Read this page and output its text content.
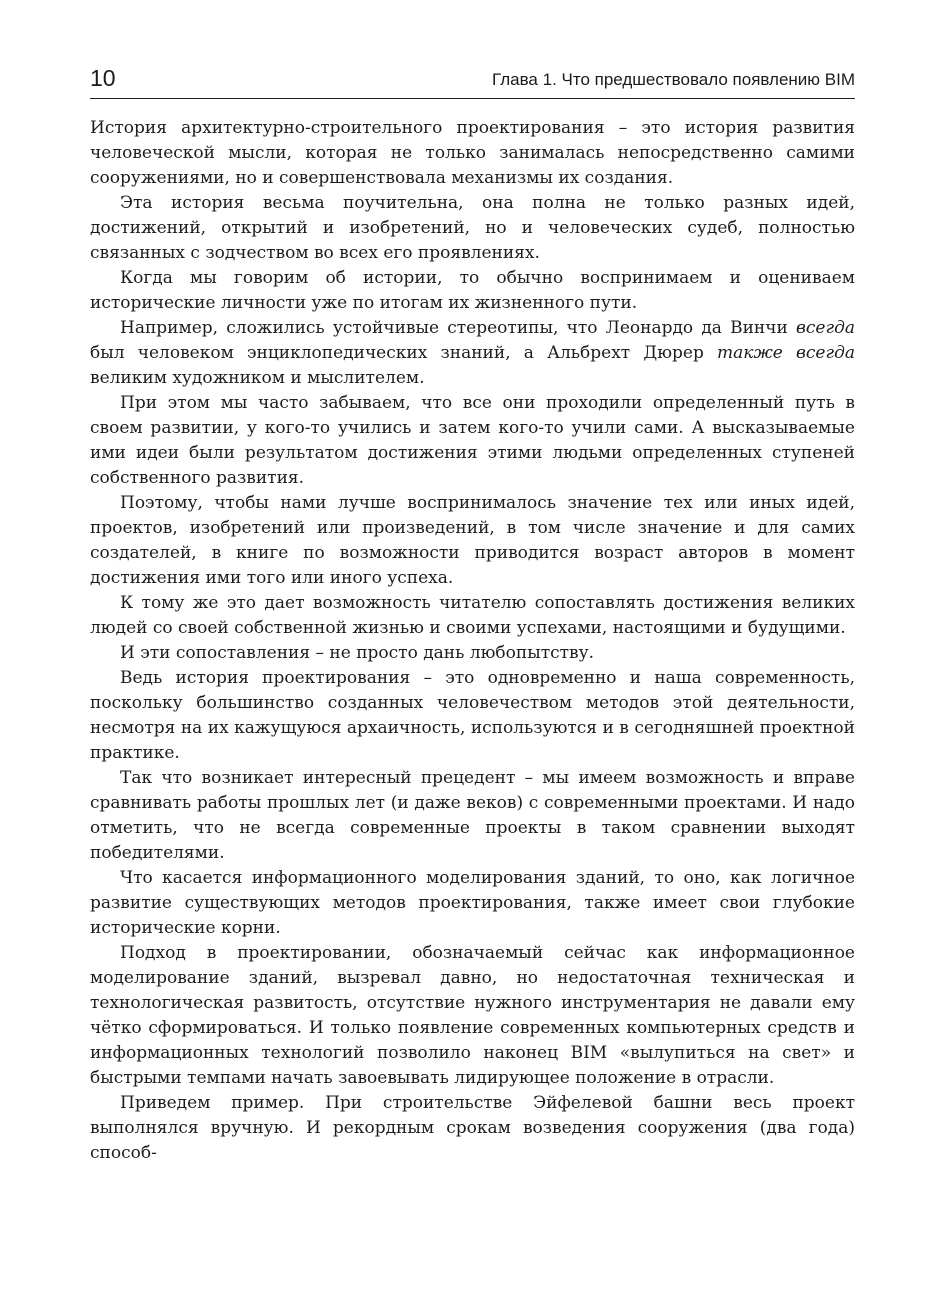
10	Глава 1. Что предшествовало появлению BIM

История архитектурно-строительного проектирования – это история развития человеческой мысли, которая не только занималась непосредственно самими сооружениями, но и совершенствовала механизмы их создания.

Эта история весьма поучительна, она полна не только разных идей, достижений, открытий и изобретений, но и человеческих судеб, полностью связанных с зодчеством во всех его проявлениях.

Когда мы говорим об истории, то обычно воспринимаем и оцениваем исторические личности уже по итогам их жизненного пути.

Например, сложились устойчивые стереотипы, что Леонардо да Винчи всегда был человеком энциклопедических знаний, а Альбрехт Дюрер также всегда великим художником и мыслителем.

При этом мы часто забываем, что все они проходили определенный путь в своем развитии, у кого-то учились и затем кого-то учили сами. А высказываемые ими идеи были результатом достижения этими людьми определенных ступеней собственного развития.

Поэтому, чтобы нами лучше воспринималось значение тех или иных идей, проектов, изобретений или произведений, в том числе значение и для самих создателей, в книге по возможности приводится возраст авторов в момент достижения ими того или иного успеха.

К тому же это дает возможность читателю сопоставлять достижения великих людей со своей собственной жизнью и своими успехами, настоящими и будущими.

И эти сопоставления – не просто дань любопытству.

Ведь история проектирования – это одновременно и наша современность, поскольку большинство созданных человечеством методов этой деятельности, несмотря на их кажущуюся архаичность, используются и в сегодняшней проектной практике.

Так что возникает интересный прецедент – мы имеем возможность и вправе сравнивать работы прошлых лет (и даже веков) с современными проектами. И надо отметить, что не всегда современные проекты в таком сравнении выходят победителями.

Что касается информационного моделирования зданий, то оно, как логичное развитие существующих методов проектирования, также имеет свои глубокие исторические корни.

Подход в проектировании, обозначаемый сейчас как информационное моделирование зданий, вызревал давно, но недостаточная техническая и технологическая развитость, отсутствие нужного инструментария не давали ему чётко сформироваться. И только появление современных компьютерных средств и информационных технологий позволило наконец BIM «вылупиться на свет» и быстрыми темпами начать завоевывать лидирующее положение в отрасли.

Приведем пример. При строительстве Эйфелевой башни весь проект выполнялся вручную. И рекордным срокам возведения сооружения (два года) способ-
